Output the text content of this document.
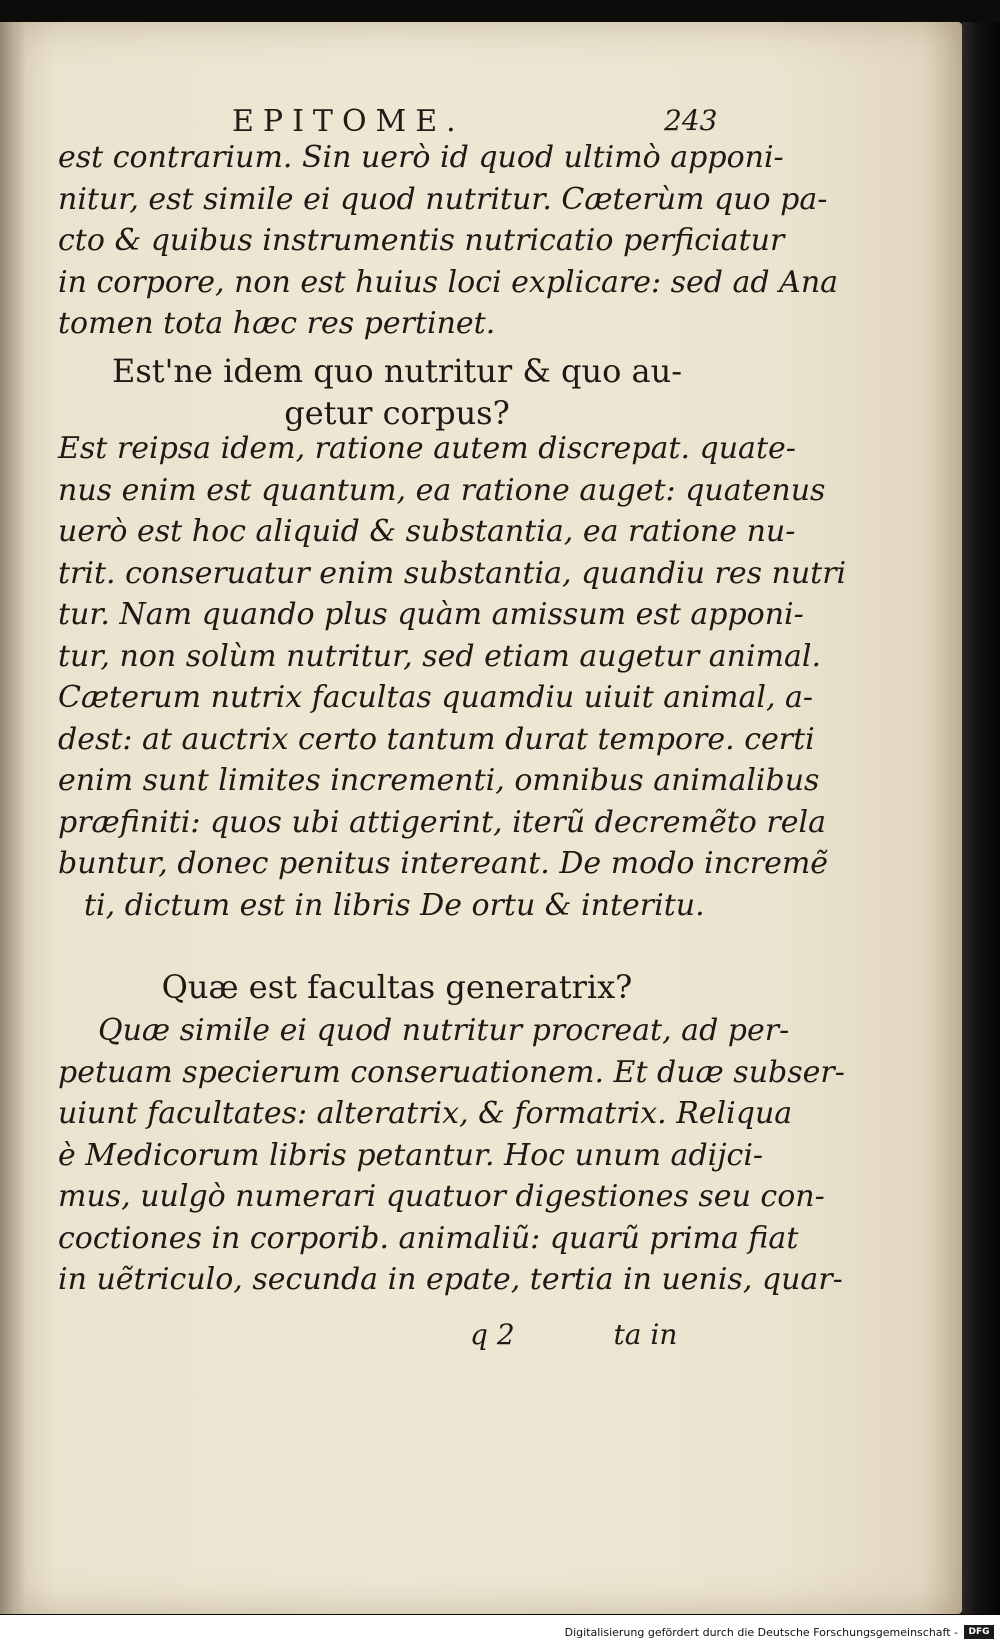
EPITOME.	243
est contrarium. Sin uerò id quod ultimò apponi-
nitur, est simile ei quod nutritur. Cæterùm quo pa-
cto & quibus instrumentis nutricatio perficiatur
in corpore, non est huius loci explicare: sed ad Ana
tomen tota hæc res pertinet.
Est'ne idem quo nutritur & quo au-
getur corpus?
Est reipsa idem, ratione autem discrepat. quate-
nus enim est quantum, ea ratione auget: quatenus
uerò est hoc aliquid & substantia, ea ratione nu-
trit. conseruatur enim substantia, quandiu res nutri
tur. Nam quando plus quàm amissum est apponi-
tur, non solùm nutritur, sed etiam augetur animal.
Cæterum nutrix facultas quamdiu uiuit animal, a-
dest: at auctrix certo tantum durat tempore. certi
enim sunt limites incrementi, omnibus animalibus
præfiniti: quos ubi attigerint, iterũ decremẽto rela
buntur, donec penitus intereant. De modo incremẽ
ti, dictum est in libris De ortu & interitu.
Quæ est facultas generatrix?
Quæ simile ei quod nutritur procreat, ad per-
petuam specierum conseruationem. Et duæ subser-
uiunt facultates: alteratrix, & formatrix. Reliqua
è Medicorum libris petantur. Hoc unum adijci-
mus, uulgò numerari quatuor digestiones seu con-
coctiones in corporib. animaliũ: quarũ prima fiat
in uẽtriculo, secunda in epate, tertia in uenis, quar-
q 2	ta in
Digitalisierung gefördert durch die Deutsche Forschungsgemeinschaft -	DFG
